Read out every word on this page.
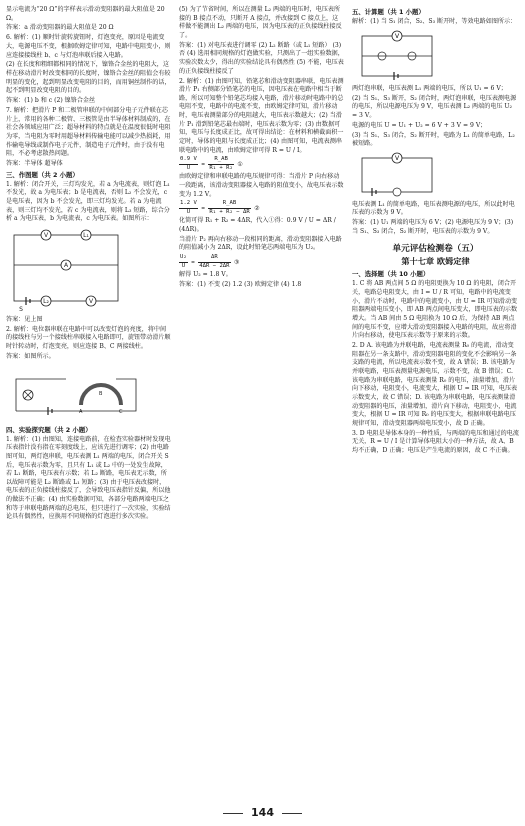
显示电流为“20 Ω”的字样表示滑动变阻器的最大阻值是 20 Ω。

答案：a 滑动变阻器的最大阻值是 20 Ω

6. 解析：(1) 顺时针旋转旋钮时，灯泡变亮，原因是电流变大，电源电压不变，根据欧姆定律可知，电路中电阻变小，则应连接接线柱 b、c 与灯泡串联后接入电路。

(2) 在长度和粗细都相同的情况下，镍铬合金丝的电阻大，这样在移动滑片时改变相同的长度时，镍铬合金丝的阻值会有较明显的变化，起到明显改变电阻的目的，而用铜丝制作的话，起不到明显改变电阻的目的。

答案：(1) b 和 c (2) 镍铬合金丝

7. 解析：把滑片 P 和二极管串联的中间部分电子元件联在芯片上，常用的各种二极管、三极管是由半导体材料制成的，在社会各领域应用广泛；超导材料的特点就是在温度很低时电阻为零，当电阻为零时用超导材料传输电能可以减少热损耗，用作输电导线或制作电子元件，制造电子元件时，由于没有电阻，不必考虑散热问题。

答案：半导体 超导体

三、作图题（共 2 小题）

1. 解析：闭合开关，三灯均发光，若 a 为电流表，则灯泡 L₁ 不发光，故 a 为电压表；b 是电流表，否则 L₂ 不会发光，c 是电压表，因为 b 不会发光，即三灯均发光。若 a 为电流表，则三灯均不发光，若 c 为电流表，则将 L₃ 短路，综合分析 a 为电压表，b 为电流表，c 为电压表。如图所示：

V	L₁
A
L₂	V
S

答案：见上图

2. 解析：电位器串联在电路中可以改变灯泡的亮度，将中间的接线柱与另一个接线柱串联接入电路即可，旋钮带动滑片顺时针转动时，灯泡变亮，则应连接 B、C 两接线柱。

答案：如图所示。

A
B
C
四、实验探究题（共 2 小题）

1. 解析：(1) 由图知，连接电路前，在检查实验器材时发现电压表指针没有指在零刻度线上，应该先进行调零；(2) 由电路图可知，两灯泡串联，电压表测 L₁ 两端的电压，闭合开关 S 后，电压表示数为零，且只有 L₁ 或 L₂ 中的一处发生故障，若 L₁ 断路，电压表有示数；若 L₂ 断路，电压表无示数，所以故障可能是 L₂ 断路或 L₁ 短路；(3) 由于电压表改接时，电压表的正负接线柱接反了，会导致电压表指针反偏，所以他的做法不正确；(4) 由实验数据可知，各部分电路两端电压之和等于串联电路两端的总电压，但只进行了一次实验，实验结论具有偶然性，应换用不同规格的灯泡进行多次实验。

(5) 为了节省时间，所以在测量 L₂ 两端的电压时，电压表所接的 B 接点不动，只断开 A 接点，并改接到 C 接点上，这样做不能测出 L₂ 两端的电压，因为电压表的正负接线柱接反了。

答案：(1) 对电压表进行调零 (2) L₂ 断路（或 L₁ 短路） (3) 否 (4) 选用相同规格的灯泡做实验，只测出了一组实验数据，实验次数太少，得出的实验结论具有偶然性 (5) 不能，电压表的正负接线柱接反了

2. 解析：(1) 由图可知，铅笔芯和滑动变阻器串联，电压表测滑片 P₁ 右侧部分铅笔芯的电压，因电压表在电路中相当于断路，所以可知整个铅笔芯均接入电路，滑片移动时电路中的总电阻不变，电路中的电流不变，由欧姆定律可知，滑片移动时，电压表测量部分的电阻越大，电压表示数越大；(2) 当滑片 P₁ 滑到铅笔芯最右端时，电压表示数为零；(3) 由数据可知，电压与长度成正比，故可得出结论：在材料和横截面积一定时，导体的电阻与长度成正比；(4) 由图可知，电流表测串联电路中的电流，由欧姆定律可得 R = U / I。

$\frac{0.9 V}{U} = \frac{R\_AB}{\text{R₁ + R₂}}$ ①

由欧姆定律和串联电路的电压规律可得：当滑片 P 向右移动一段距离，该滑动变阻器接入电路的阻值变小，故电压表示数变为 1.2 V。

$\frac{1.2 V}{U} = \frac{R\_AB}{\text{R₁ + R₂ − ΔR}}$ ②

化简可得 R₁ + R₂ = 4ΔR，代入①得：0.9 V / U = ΔR / (4ΔR)。

当滑片 P₂ 再向右移动一段相同的距离，滑动变阻器接入电路的阻值减小为 2ΔR，设此时铅笔芯两端电压为 U₂。

$\frac{\text{U₂}}{U} = \frac{\Delta R}{4\Delta R - 2\Delta R}$ ③

解得 U₂ = 1.8 V。

答案：(1) 不变 (2) 1.2 (3) 欧姆定律 (4) 1.8

五、计算题（共 1 小题）

解析：(1) 当 S₁ 闭合，S₂、S₃ 断开时，等效电路如图所示：

V

两灯泡串联，电压表测 L₁ 两端的电压，所以 U₁ = 6 V；

(2) 当 S₁、S₃ 断开，S₂ 闭合时，两灯泡串联，电压表测电源的电压，所以电源电压为 9 V，电压表测 L₂ 两端的电压 U₂ = 3 V。

电源的电压 U = U₁ + U₂ = 6 V + 3 V = 9 V；

(3) 当 S₁、S₃ 闭合，S₂ 断开时，电路为 L₁ 的简单电路，L₂ 被短路。

V

电压表测 L₁ 的简单电路，电压表测电源的电压，所以此时电压表的示数为 9 V。

答案：(1) U₁ 两端的电压为 6 V；(2) 电源电压为 9 V；(3) 当 S₁、S₃ 闭合，S₂ 断开时，电压表的示数为 9 V。

单元评估检测卷（五）
第十七章 欧姆定律
一、选择题（共 10 小题）

1. C 将 AB 两点间 5 Ω 的电阻更换为 10 Ω 的电阻，闭合开关，电路总电阻变大，由 I = U / R 可知，电路中的电流变小，滑片不动时，电路中的电流变小，由 U = IR 可知滑动变阻器两端电压变小，即 AB 两点间电压变大，即电压表的示数增大。当 AB 间由 5 Ω 电阻换为 10 Ω 后，为保持 AB 两点间的电压不变，应增大滑动变阻器接入电路的电阻，故应将滑片向右移动，使电压表示数等于原来的示数。

2. D A. 该电路为并联电路，电流表测量 R₀ 的电流，滑动变阻器在另一条支路中，滑动变阻器电阻的变化不会影响另一条支路的电流，所以电流表示数不变，故 A 错误；B. 该电路为并联电路，电压表测量电源电压，示数不变，故 B 错误；C. 该电路为串联电路，电压表测量 R₀ 的电压，油量增加，滑片向下移动，电阻变小，电流变大，根据 U = IR 可知，电压表示数变大，故 C 错误；D. 该电路为串联电路，电压表测量滑动变阻器的电压，油量增加，滑片向下移动，电阻变小，电流变大，根据 U = IR 可知 R₀ 的电压变大，根据串联电路电压规律可知，滑动变阻器两端电压变小，故 D 正确。

3. D 电阻是导体本身的一种性质，与两端的电压和通过的电流无关，R = U / I 是计算导体电阻大小的一种方法，故 A、B 均不正确，D 正确；电压是产生电流的原因，故 C 不正确。

144
